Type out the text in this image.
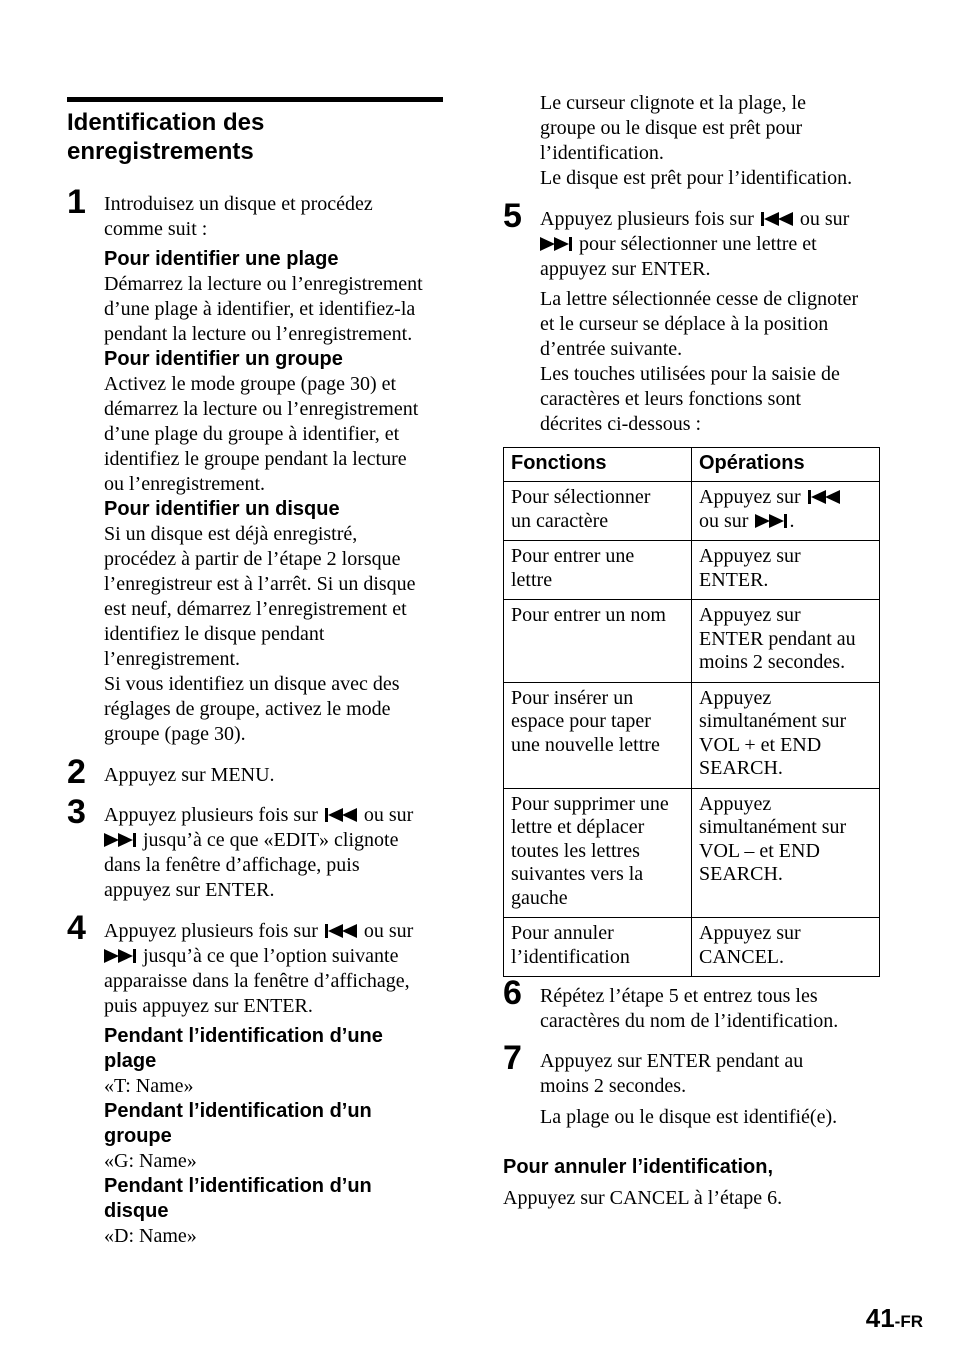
Identification des
enregistrements
1 Introduisez un disque et procédez
comme suit :
Pour identifier une plage
Démarrez la lecture ou l’enregistrement
d’une plage à identifier, et identifiez-la
pendant la lecture ou l’enregistrement.
Pour identifier un groupe
Activez le mode groupe (page 30) et
démarrez la lecture ou l’enregistrement
d’une plage du groupe à identifier, et
identifiez le groupe pendant la lecture
ou l’enregistrement.
Pour identifier un disque
Si un disque est déjà enregistré,
procédez à partir de l’étape 2 lorsque
l’enregistreur est à l’arrêt. Si un disque
est neuf, démarrez l’enregistrement et
identifiez le disque pendant
l’enregistrement.
Si vous identifiez un disque avec des
réglages de groupe, activez le mode
groupe (page 30).
2 Appuyez sur MENU.
3 Appuyez plusieurs fois sur ou sur
jusqu’à ce que «EDIT» clignote
dans la fenêtre d’affichage, puis
appuyez sur ENTER.
4 Appuyez plusieurs fois sur ou sur
jusqu’à ce que l’option suivante
apparaisse dans la fenêtre d’affichage,
puis appuyez sur ENTER.
Pendant l’identification d’une
plage
«T: Name»
Pendant l’identification d’un
groupe
«G: Name»
Pendant l’identification d’un
disque
«D: Name»
Le curseur clignote et la plage, le
groupe ou le disque est prêt pour
l’identification.
Le disque est prêt pour l’identification.
5 Appuyez plusieurs fois sur ou sur
pour sélectionner une lettre et
appuyez sur ENTER.
La lettre sélectionnée cesse de clignoter
et le curseur se déplace à la position
d’entrée suivante.
Les touches utilisées pour la saisie de
caractères et leurs fonctions sont
décrites ci-dessous :
Fonctions	Opérations

Pour sélectionner
un caractère	Appuyez sur
ou sur .

Pour entrer une
lettre	Appuyez sur
ENTER.

Pour entrer un nom	Appuyez sur
ENTER pendant au
moins 2 secondes.

Pour insérer un
espace pour taper
une nouvelle lettre	Appuyez
simultanément sur
VOL + et END
SEARCH.

Pour supprimer une
lettre et déplacer
toutes les lettres
suivantes vers la
gauche	Appuyez
simultanément sur
VOL – et END
SEARCH.

Pour annuler
l’identification	Appuyez sur
CANCEL.
6 Répétez l’étape 5 et entrez tous les
caractères du nom de l’identification.
7 Appuyez sur ENTER pendant au
moins 2 secondes.
La plage ou le disque est identifié(e).
Pour annuler l’identification,
Appuyez sur CANCEL à l’étape 6.
41-FR
